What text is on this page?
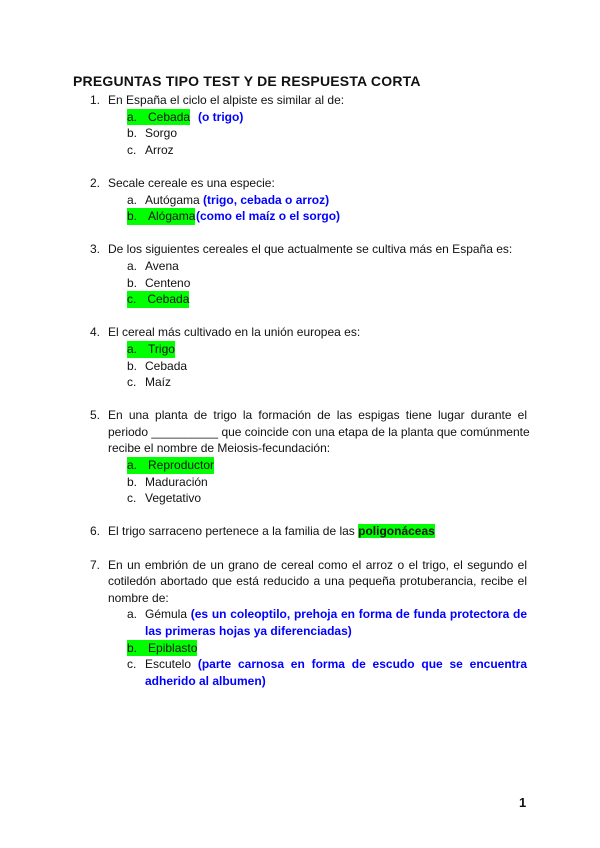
PREGUNTAS TIPO TEST Y DE RESPUESTA CORTA
1. En España el ciclo el alpiste es similar al de:
a. Cebada (o trigo)
b. Sorgo
c. Arroz
2. Secale cereale es una especie:
a. Autógama (trigo, cebada o arroz)
b. Alógama (como el maíz o el sorgo)
3. De los siguientes cereales el que actualmente se cultiva más en España es:
a. Avena
b. Centeno
c. Cebada
4. El cereal más cultivado en la unión europea es:
a. Trigo
b. Cebada
c. Maíz
5. En una planta de trigo la formación de las espigas tiene lugar durante el
periodo __________ que coincide con una etapa de la planta que comúnmente
recibe el nombre de Meiosis-fecundación:
a. Reproductor
b. Maduración
c. Vegetativo
6. El trigo sarraceno pertenece a la familia de las poligonáceas
7. En un embrión de un grano de cereal como el arroz o el trigo, el segundo el
cotiledón abortado que está reducido a una pequeña protuberancia, recibe el
nombre de:
a. Gémula (es un coleoptilo, prehoja en forma de funda protectora de
las primeras hojas ya diferenciadas)
b. Epiblasto
c. Escutelo (parte carnosa en forma de escudo que se encuentra
adherido al albumen)
1
